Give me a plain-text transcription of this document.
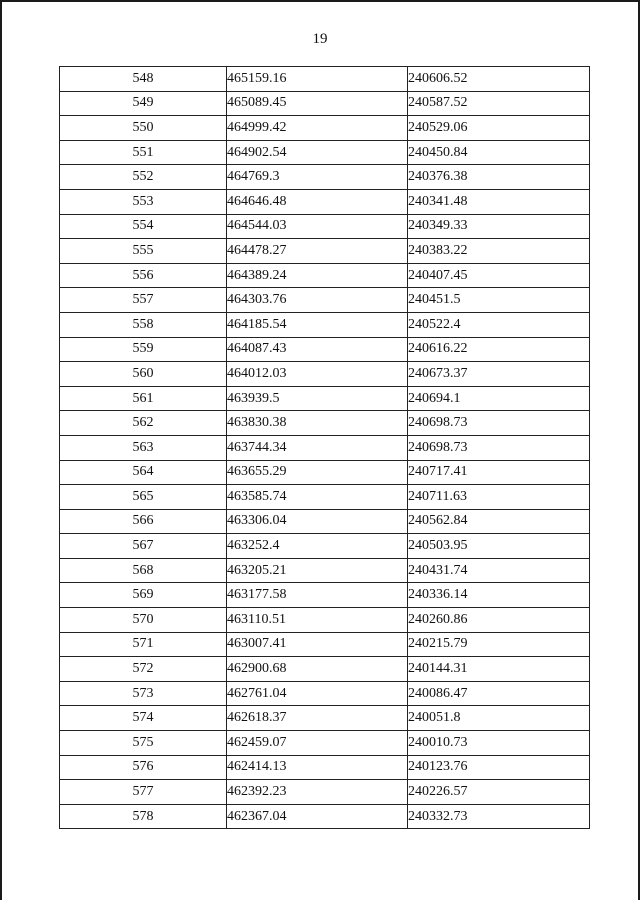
19
548	465159.16	240606.52
549	465089.45	240587.52
550	464999.42	240529.06
551	464902.54	240450.84
552	464769.3	240376.38
553	464646.48	240341.48
554	464544.03	240349.33
555	464478.27	240383.22
556	464389.24	240407.45
557	464303.76	240451.5
558	464185.54	240522.4
559	464087.43	240616.22
560	464012.03	240673.37
561	463939.5	240694.1
562	463830.38	240698.73
563	463744.34	240698.73
564	463655.29	240717.41
565	463585.74	240711.63
566	463306.04	240562.84
567	463252.4	240503.95
568	463205.21	240431.74
569	463177.58	240336.14
570	463110.51	240260.86
571	463007.41	240215.79
572	462900.68	240144.31
573	462761.04	240086.47
574	462618.37	240051.8
575	462459.07	240010.73
576	462414.13	240123.76
577	462392.23	240226.57
578	462367.04	240332.73
